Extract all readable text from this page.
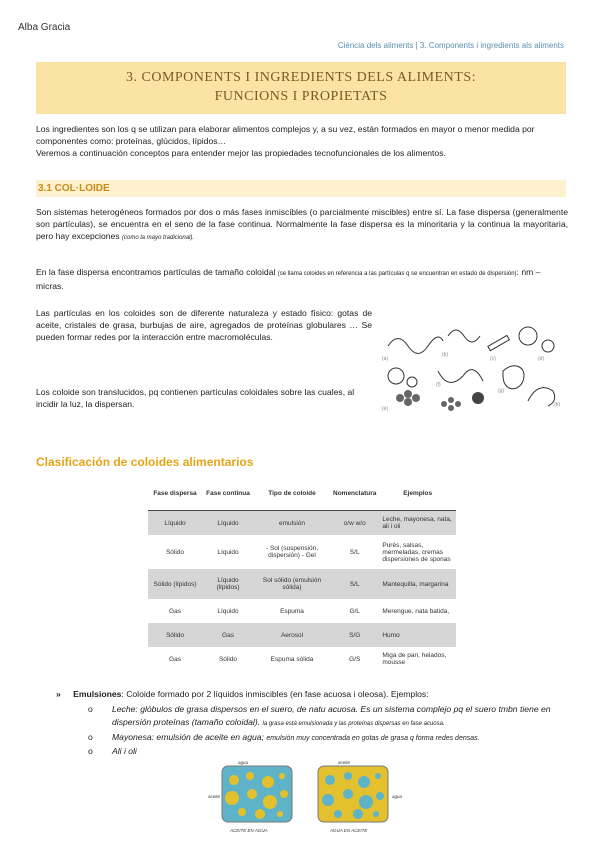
Alba Gracia
Ciència dels aliments | 3. Components i ingredients als aliments
3. COMPONENTS I INGREDIENTS DELS ALIMENTS:
FUNCIONS I PROPIETATS
Los ingredientes son los q se utilizan para elaborar alimentos complejos y, a su vez, están formados en mayor o menor medida por componentes como: proteínas, glúcidos, lípidos…
Veremos a continuación conceptos para entender mejor las propiedades tecnofuncionales de los alimentos.
3.1 COL·LOIDE
Son sistemas heterogéneos formados por dos o más fases inmiscibles (o parcialmente miscibles) entre sí. La fase dispersa (generalmente son partículas), se encuentra en el seno de la fase continua. Normalmente la fase dispersa es la minoritaria y la continua la mayoritaria, pero hay excepciones (como la mayo tradicional).
En la fase dispersa encontramos partículas de tamaño coloidal (se llama coloides en referencia a las partículas q se encuentran en estado de dispersión): nm – micras.
Las partículas en los coloides son de diferente naturaleza y estado físico: gotas de aceite, cristales de grasa, burbujas de aire, agregados de proteínas globulares … Se pueden formar redes por la interacción entre macromoléculas.
Los coloide son translucidos, pq contienen partículas coloidales sobre las cuales, al incidir la luz, la dispersan.
(a)
(b)
(c)	(d)
(e)
(f)
(g)
(h)
Clasificación de coloides alimentarios
Fase dispersa	Fase continua	Tipo de coloide	Nomenclatura	Ejemplos
Líquido	Líquido	emulsión	o/w w/o	Leche, mayonesa, nata, ali i oli
Sólido	Líquido	- Sol (suspensión, dispersión) - Gel	S/L	Purés, salsas, mermeladas, cremas dispersiones de sponas
Sólido (lípidos)	Líquido (lípidos)	Sol sólido (emulsión sólida)	S/L	Mantequilla, margarina
Gas	Líquido	Espuma	G/L	Merengue, nata batida,
Sólido	Gas	Aerosol	S/G	Humo
Gas	Sólido	Espuma sólida	G/S	Miga de pan, helados, mousse
» Emulsiones: Coloide formado por 2 líquidos inmiscibles (en fase acuosa i oleosa). Ejemplos:
o	Leche: glóbulos de grasa dispersos en el suero, de natu acuosa. Es un sistema complejo pq el suero tmbn tiene en dispersión proteínas (tamaño coloidal). la grasa está emulsionada y las proteínas dispersas en fase acuosa.
o	Mayonesa: emulsión de aceite en agua; emulsión muy concentrada en gotas de grasa q forma redes densas.
o	Ali i oli
agua
aceite
ACEITE EN AGUA
aceite
agua
AGUA EN ACEITE
